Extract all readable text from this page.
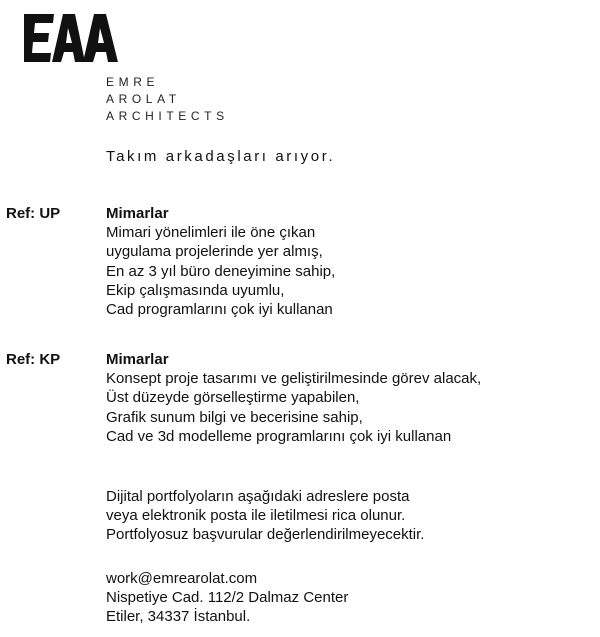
EMRE
AROLAT
ARCHITECTS
Takım arkadaşları arıyor.
Ref: UP	Mimarlar
Mimari yönelimleri ile öne çıkan
uygulama projelerinde yer almış,
En az 3 yıl büro deneyimine sahip,
Ekip çalışmasında uyumlu,
Cad programlarını çok iyi kullanan
Ref: KP	Mimarlar
Konsept proje tasarımı ve geliştirilmesinde görev alacak,
Üst düzeyde görselleştirme yapabilen,
Grafik sunum bilgi ve becerisine sahip,
Cad ve 3d modelleme programlarını çok iyi kullanan
Dijital portfolyoların aşağıdaki adreslere posta
veya elektronik posta ile iletilmesi rica olunur.
Portfolyosuz başvurular değerlendirilmeyecektir.
work@emrearolat.com
Nispetiye Cad. 112/2 Dalmaz Center
Etiler, 34337 İstanbul.
